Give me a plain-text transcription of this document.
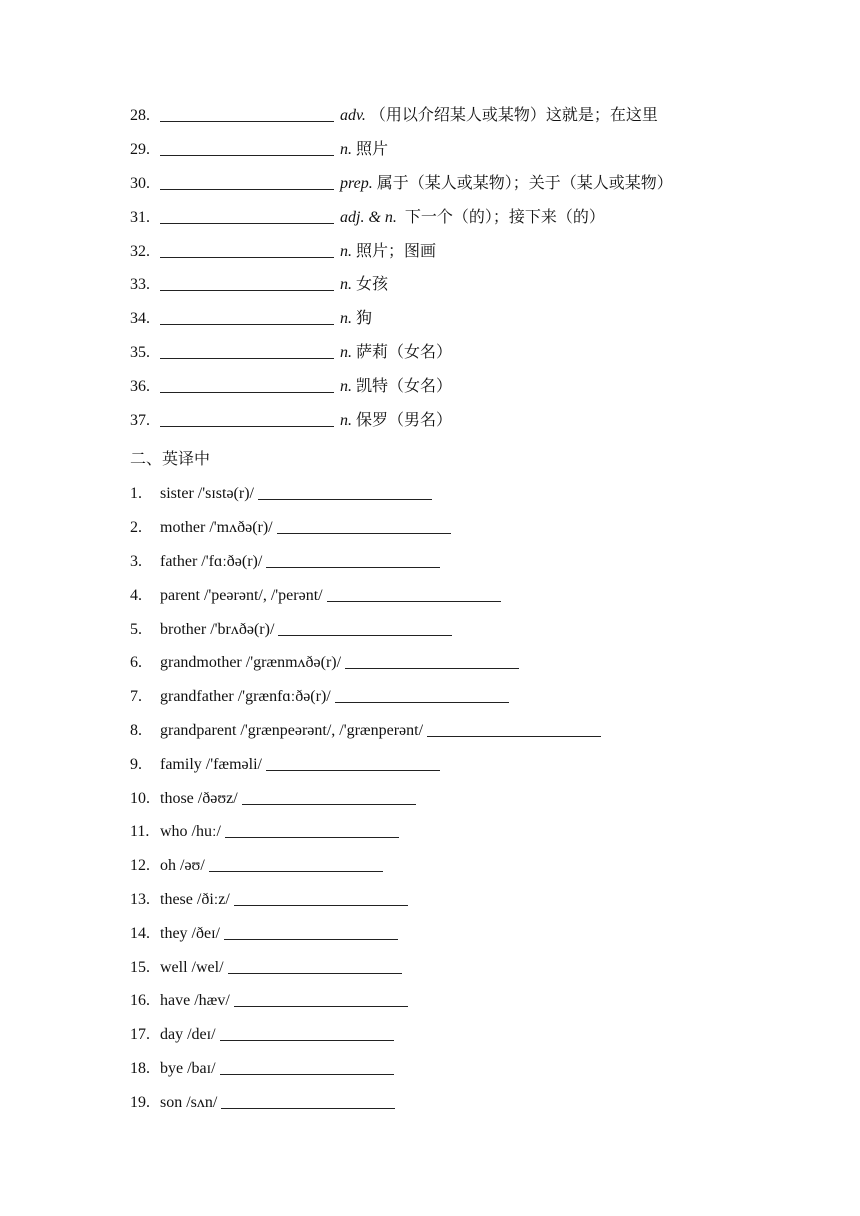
28.	adv. （用以介绍某人或某物）这就是；在这里
29.	n. 照片
30.	prep. 属于（某人或某物）；关于（某人或某物）
31.	adj. & n. 下一个（的）；接下来（的）
32.	n. 照片；图画
33.	n. 女孩
34.	n. 狗
35.	n. 萨莉（女名）
36.	n. 凯特（女名）
37.	n. 保罗（男名）
二、英译中
1. sister /'sɪstə(r)/
2. mother /'mʌðə(r)/
3. father /'fɑːðə(r)/
4. parent /'peərənt/, /'perənt/
5. brother /'brʌðə(r)/
6. grandmother /'grænmʌðə(r)/
7. grandfather /'grænfɑːðə(r)/
8. grandparent /'grænpeərənt/, /'grænperənt/
9. family /'fæməli/
10. those /ðəʊz/
11. who /huː/
12. oh /əʊ/
13. these /ðiːz/
14. they /ðeɪ/
15. well /wel/
16. have /hæv/
17. day /deɪ/
18. bye /baɪ/
19. son /sʌn/
